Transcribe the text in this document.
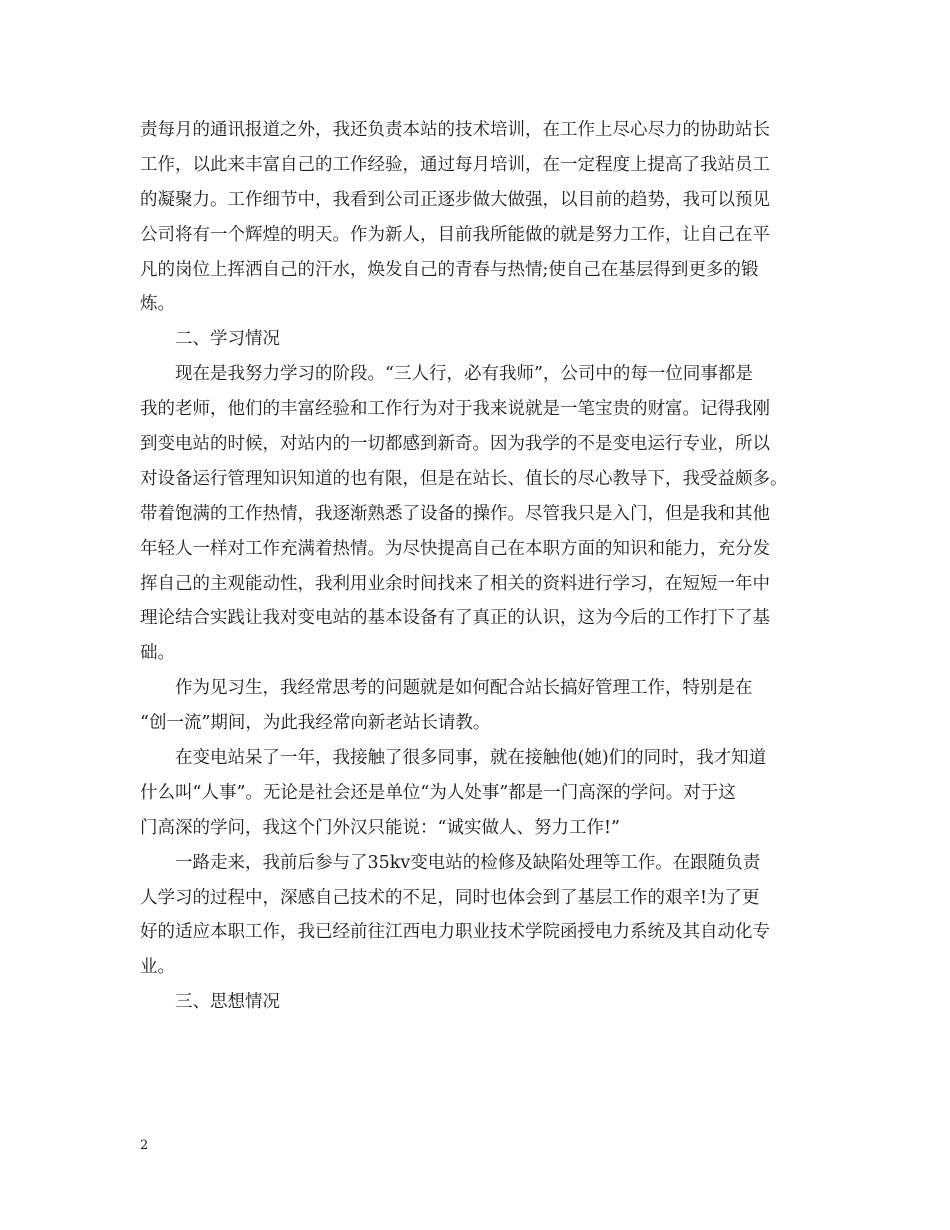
责每月的通讯报道之外，我还负责本站的技术培训，在工作上尽心尽力的协助站长
工作，以此来丰富自己的工作经验，通过每月培训，在一定程度上提高了我站员工
的凝聚力。工作细节中，我看到公司正逐步做大做强，以目前的趋势，我可以预见
公司将有一个辉煌的明天。作为新人，目前我所能做的就是努力工作，让自己在平
凡的岗位上挥洒自己的汗水，焕发自己的青春与热情;使自己在基层得到更多的锻
炼。
二、学习情况
现在是我努力学习的阶段。“三人行，必有我师”，公司中的每一位同事都是
我的老师，他们的丰富经验和工作行为对于我来说就是一笔宝贵的财富。记得我刚
到变电站的时候，对站内的一切都感到新奇。因为我学的不是变电运行专业，所以
对设备运行管理知识知道的也有限，但是在站长、值长的尽心教导下，我受益颇多。
带着饱满的工作热情，我逐渐熟悉了设备的操作。尽管我只是入门，但是我和其他
年轻人一样对工作充满着热情。为尽快提高自己在本职方面的知识和能力，充分发
挥自己的主观能动性，我利用业余时间找来了相关的资料进行学习，在短短一年中
理论结合实践让我对变电站的基本设备有了真正的认识，这为今后的工作打下了基
础。
作为见习生，我经常思考的问题就是如何配合站长搞好管理工作，特别是在
“创一流”期间，为此我经常向新老站长请教。
在变电站呆了一年，我接触了很多同事，就在接触他(她)们的同时，我才知道
什么叫“人事”。无论是社会还是单位“为人处事”都是一门高深的学问。对于这
门高深的学问，我这个门外汉只能说：“诚实做人、努力工作!”
一路走来，我前后参与了35kv变电站的检修及缺陷处理等工作。在跟随负责
人学习的过程中，深感自己技术的不足，同时也体会到了基层工作的艰辛!为了更
好的适应本职工作，我已经前往江西电力职业技术学院函授电力系统及其自动化专
业。
三、思想情况
2
